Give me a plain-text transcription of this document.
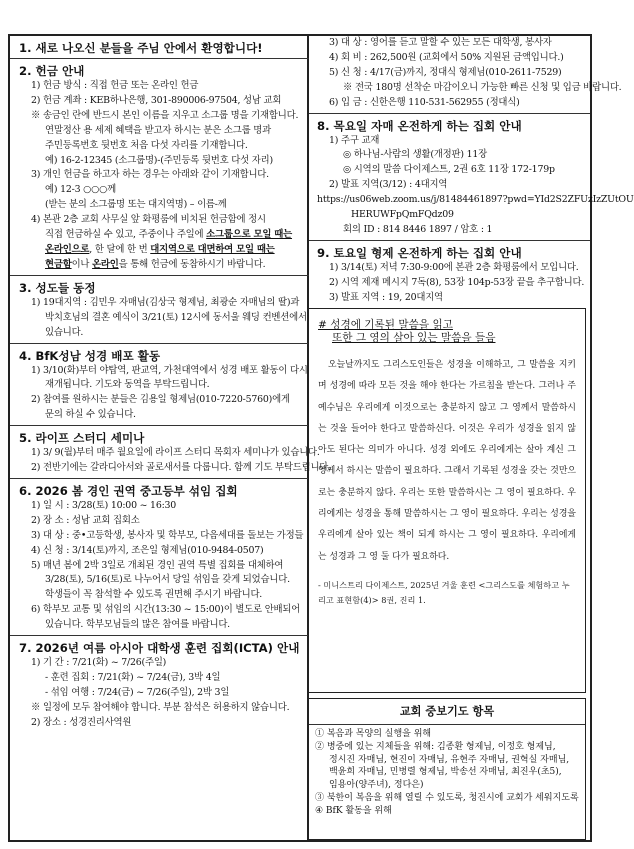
1. 새로 나오신 분들을 주님 안에서 환영합니다!

2. 헌금 안내

1) 헌금 방식 : 직접 헌금 또는 온라인 헌금

2) 헌금 계좌 : KEB하나은행, 301-890006-97504, 성남 교회

※ 송금인 란에 반드시 본인 이름을 지우고 소그룹 명을 기재합니다.

연말정산 용 세제 혜택을 받고자 하시는 분은 소그룹 명과

주민등록번호 뒷번호 처음 다섯 자리를 기재합니다.

예) 16-2-12345 (소그룹명)-(주민등록 뒷번호 다섯 자리)

3) 개인 헌금을 하고자 하는 경우는 아래와 같이 기재합니다.

예) 12-3 ○○○께

(받는 분의 소그룹명 또는 대지역명) – 이름-께

4) 본관 2층 교회 사무실 앞 화평룸에 비치된 헌금함에 정시

직접 헌금하실 수 있고, 주중이나 주일에 소그룹으로 모일 때는

온라인으로, 한 달에 한 번 대지역으로 대면하여 모일 때는

현금함이나 온라인을 통해 헌금에 동참하시기 바랍니다.

3. 성도들 동정

1) 19대지역 : 김민우 자매님(김상국 형제님, 최광순 자매님의 딸)과

박치호님의 결혼 예식이 3/21(토) 12시에 동서울 웨딩 컨벤션에서

있습니다.

4. BfK성남 성경 배포 활동

1) 3/10(화)부터 야탑역, 판교역, 가천대역에서 성경 배포 활동이 다시

재개됩니다. 기도와 동역을 부탁드립니다.

2) 참여를 원하시는 분들은 김용일 형제님(010-7220-5760)에게

문의 하실 수 있습니다.

5. 라이프 스터디 세미나

1) 3/ 9(월)부터 매주 월요일에 라이프 스터디 목회자 세미나가 있습니다.

2) 전반기에는 갈라디아서와 골로새서를 다룹니다. 함께 기도 부탁드립니다.

6. 2026 봄 경인 권역 중고등부 섞임 집회

1) 일 시 : 3/28(토) 10:00 ~ 16:30

2) 장 소 : 성남 교회 집회소

3) 대 상 : 중•고등학생, 봉사자 및 학부모, 다음세대를 돌보는 가정들

4) 신 청 : 3/14(토)까지, 조은일 형제님(010-9484-0507)

5) 매년 봄에 2박 3일로 개최된 경인 권역 특별 집회를 대체하여

3/28(토), 5/16(토)로 나누어서 당일 섞임을 갖게 되었습니다.

학생들이 꼭 참석할 수 있도록 권면해 주시기 바랍니다.

6) 학부모 교통 및 섞임의 시간(13:30 ~ 15:00)이 별도로 안배되어

있습니다. 학부모님들의 많은 참여를 바랍니다.

7. 2026년 여름 아시아 대학생 훈련 집회(ICTA) 안내

1) 기 간 : 7/21(화) ~ 7/26(주일)

- 훈련 집회 : 7/21(화) ~ 7/24(금), 3박 4일

- 섞임 여행 : 7/24(금) ~ 7/26(주일), 2박 3일

※ 일정에 모두 참여해야 합니다. 부분 참석은 허용하지 않습니다.

2) 장소 : 성경진리사역원

3) 대 상 : 영어를 듣고 말할 수 있는 모든 대학생, 봉사자

4) 회 비 : 262,500원 (교회에서 50% 지원된 금액입니다.)

5) 신 청 : 4/17(금)까지, 정대식 형제님(010-2611-7529)

※ 전국 180명 선착순 마감이오니 가능한 빠른 신청 및 입금 바랍니다.

6) 입 금 : 신한은행 110-531-562955 (정대식)

8. 목요일 자매 온전하게 하는 집회 안내

1) 주구 교재

◎ 하나님-사람의 생활(개정판) 11장

◎ 시역의 말씀 다이제스트, 2권 6호 11장 172-179p

2) 발표 지역(3/12) : 4대지역

https://us06web.zoom.us/j/81484461897?pwd=YId2S2ZFUzIzZUtOU

HERUWFpQmFQdz09

회의 ID : 814 8446 1897 / 암호 : 1

9. 토요일 형제 온전하게 하는 집회 안내

1) 3/14(토) 저녁 7:30-9:00에 본관 2층 화평룸에서 모입니다.

2) 시역 제재 메시지 7독(8), 53장 104p-53장 끝을 추구합니다.

3) 발표 지역 : 19, 20대지역

# 성경에 기록된 말씀을 읽고

또한 그 영의 살아 있는 말씀을 들음

오늘날까지도 그리스도인들은 성경을 이해하고, 그 말씀을 지키며 성경에 따라 모든 것을 해야 한다는 가르침을 받는다. 그러나 주 예수님은 우리에게 이것으로는 충분하지 않고 그 영께서 말씀하시는 것을 들어야 한다고 말씀하신다. 이것은 우리가 성경을 읽지 않아도 된다는 의미가 아니다. 성경 외에도 우리에게는 살아 계신 그 영께서 하시는 말씀이 필요하다. 그래서 기록된 성경을 갖는 것만으로는 충분하지 않다. 우리는 또한 말씀하시는 그 영이 필요하다. 우리에게는 성경을 통해 말씀하시는 그 영이 필요하다. 우리는 성경을 우리에게 살아 있는 책이 되게 하시는 그 영이 필요하다. 우리에게는 성경과 그 영 둘 다가 필요하다.

- 미니스트리 다이제스트, 2025년 겨울 훈련 <그리스도를 체험하고 누리고 표현함(4)> 8권, 진리 1.

교회 중보기도 항목

① 복음과 목양의 실행을 위해

② 병중에 있는 지체들을 위해: 김종환 형제님, 이정호 형제님,

정시진 자매님, 현진이 자매님, 유현주 자매님, 권혁실 자매님,

백윤희 자매님, 민병렬 형제님, 박송선 자매님, 최진우(초5),

임용아(양주녀), 정다은)

③ 북한이 복음을 위해 열릴 수 있도록, 청진시에 교회가 세워지도록

④ BfK 활동을 위해
